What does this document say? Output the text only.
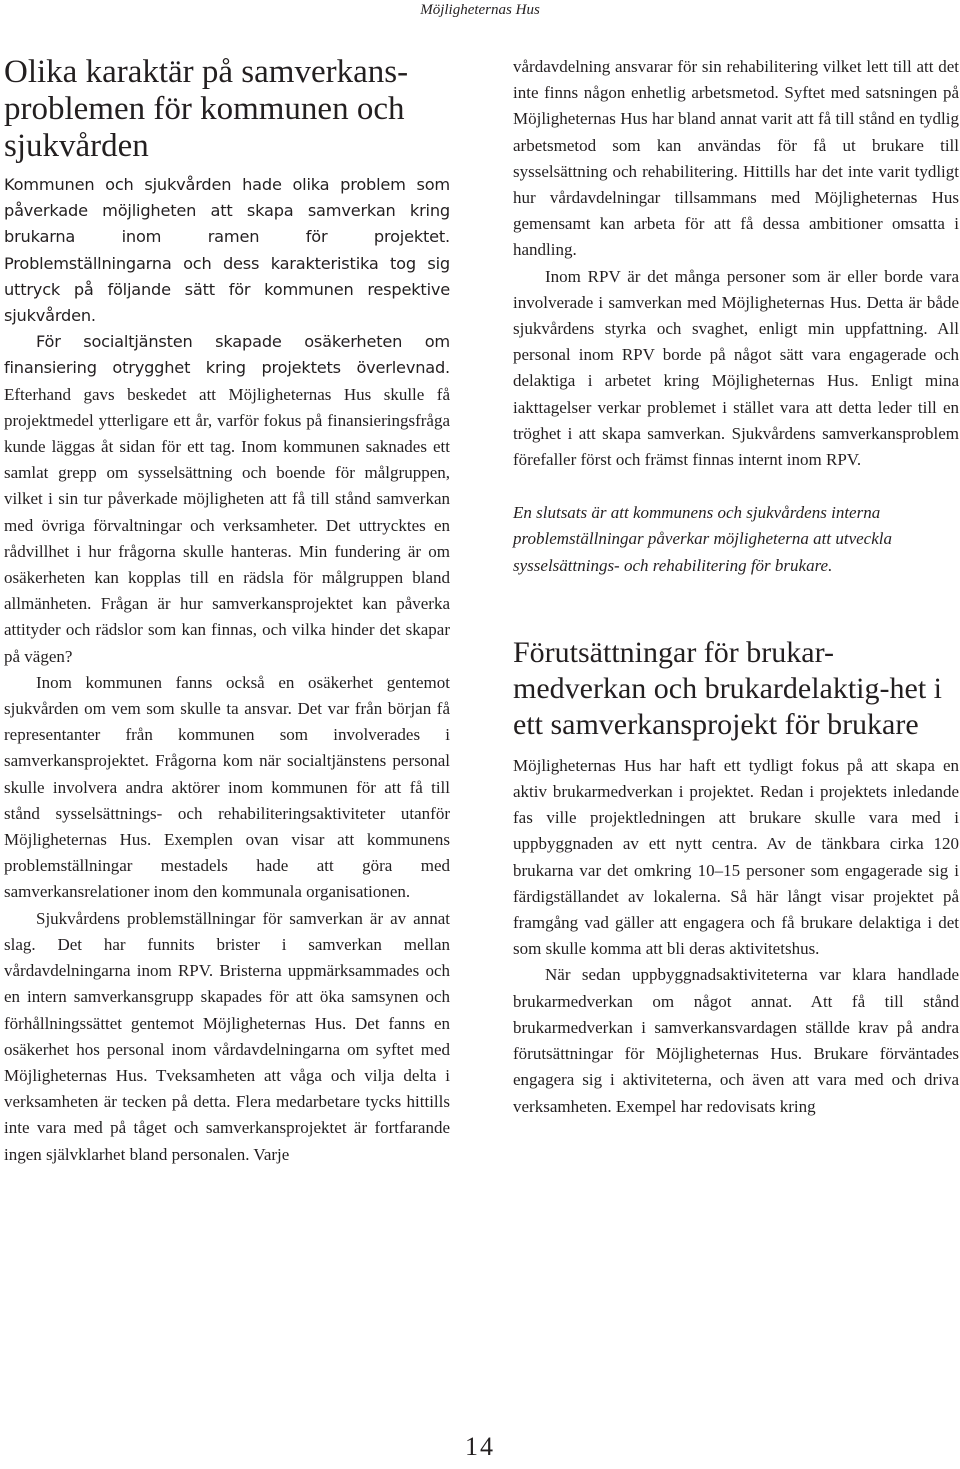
Möjligheternas Hus
Olika karaktär på samverkans-problemen för kommunen och sjukvården

Kommunen och sjukvården hade olika problem som påverkade möjligheten att skapa samverkan kring brukarna inom ramen för projektet. Problemställningarna och dess karakteristika tog sig uttryck på följande sätt för kommunen respektive sjukvården.

För socialtjänsten skapade osäkerheten om finansiering otrygghet kring projektets överlevnad. Efterhand gavs beskedet att Möjligheternas Hus skulle få projektmedel ytterligare ett år, varför fokus på finansieringsfråga kunde läggas åt sidan för ett tag. Inom kommunen saknades ett samlat grepp om sysselsättning och boende för målgruppen, vilket i sin tur påverkade möjligheten att få till stånd samverkan med övriga förvaltningar och verksamheter. Det uttrycktes en rådvillhet i hur frågorna skulle hanteras. Min fundering är om osäkerheten kan kopplas till en rädsla för målgruppen bland allmänheten. Frågan är hur samverkansprojektet kan påverka attityder och rädslor som kan finnas, och vilka hinder det skapar på vägen?

Inom kommunen fanns också en osäkerhet gentemot sjukvården om vem som skulle ta ansvar. Det var från början få representanter från kommunen som involverades i samverkansprojektet. Frågorna kom när socialtjänstens personal skulle involvera andra aktörer inom kommunen för att få till stånd sysselsättnings- och rehabiliteringsaktiviteter utanför Möjligheternas Hus. Exemplen ovan visar att kommunens problemställningar mestadels hade att göra med samverkansrelationer inom den kommunala organisationen.

Sjukvårdens problemställningar för samverkan är av annat slag. Det har funnits brister i samverkan mellan vårdavdelningarna inom RPV. Bristerna uppmärksammades och en intern samverkansgrupp skapades för att öka samsynen och förhållningssättet gentemot Möjligheternas Hus. Det fanns en osäkerhet hos personal inom vårdavdelningarna om syftet med Möjligheternas Hus. Tveksamheten att våga och vilja delta i verksamheten är tecken på detta. Flera medarbetare tycks hittills inte vara med på tåget och samverkansprojektet är fortfarande ingen självklarhet bland personalen. Varje

vårdavdelning ansvarar för sin rehabilitering vilket lett till att det inte finns någon enhetlig arbetsmetod. Syftet med satsningen på Möjligheternas Hus har bland annat varit att få till stånd en tydlig arbetsmetod som kan användas för få ut brukare till sysselsättning och rehabilitering. Hittills har det inte varit tydligt hur vårdavdelningar tillsammans med Möjligheternas Hus gemensamt kan arbeta för att få dessa ambitioner omsatta i handling.

Inom RPV är det många personer som är eller borde vara involverade i samverkan med Möjligheternas Hus. Detta är både sjukvårdens styrka och svaghet, enligt min uppfattning. All personal inom RPV borde på något sätt vara engagerade och delaktiga i arbetet kring Möjligheternas Hus. Enligt mina iakttagelser verkar problemet i stället vara att detta leder till en tröghet i att skapa samverkan. Sjukvårdens samverkansproblem förefaller först och främst finnas internt inom RPV.

En slutsats är att kommunens och sjukvårdens interna problemställningar påverkar möjligheterna att utveckla sysselsättnings- och rehabilitering för brukare.

Förutsättningar för brukar-medverkan och brukardelaktig-het i ett samverkansprojekt för brukare

Möjligheternas Hus har haft ett tydligt fokus på att skapa en aktiv brukarmedverkan i projektet. Redan i projektets inledande fas ville projektledningen att brukare skulle vara med i uppbyggnaden av ett nytt centra. Av de tänkbara cirka 120 brukarna var det omkring 10–15 personer som engagerade sig i färdigställandet av lokalerna. Så här långt visar projektet på framgång vad gäller att engagera och få brukare delaktiga i det som skulle komma att bli deras aktivitetshus.

När sedan uppbyggnadsaktiviteterna var klara handlade brukarmedverkan om något annat. Att få till stånd brukarmedverkan i samverkansvardagen ställde krav på andra förutsättningar för Möjligheternas Hus. Brukare förväntades engagera sig i aktiviteterna, och även att vara med och driva verksamheten. Exempel har redovisats kring

14
